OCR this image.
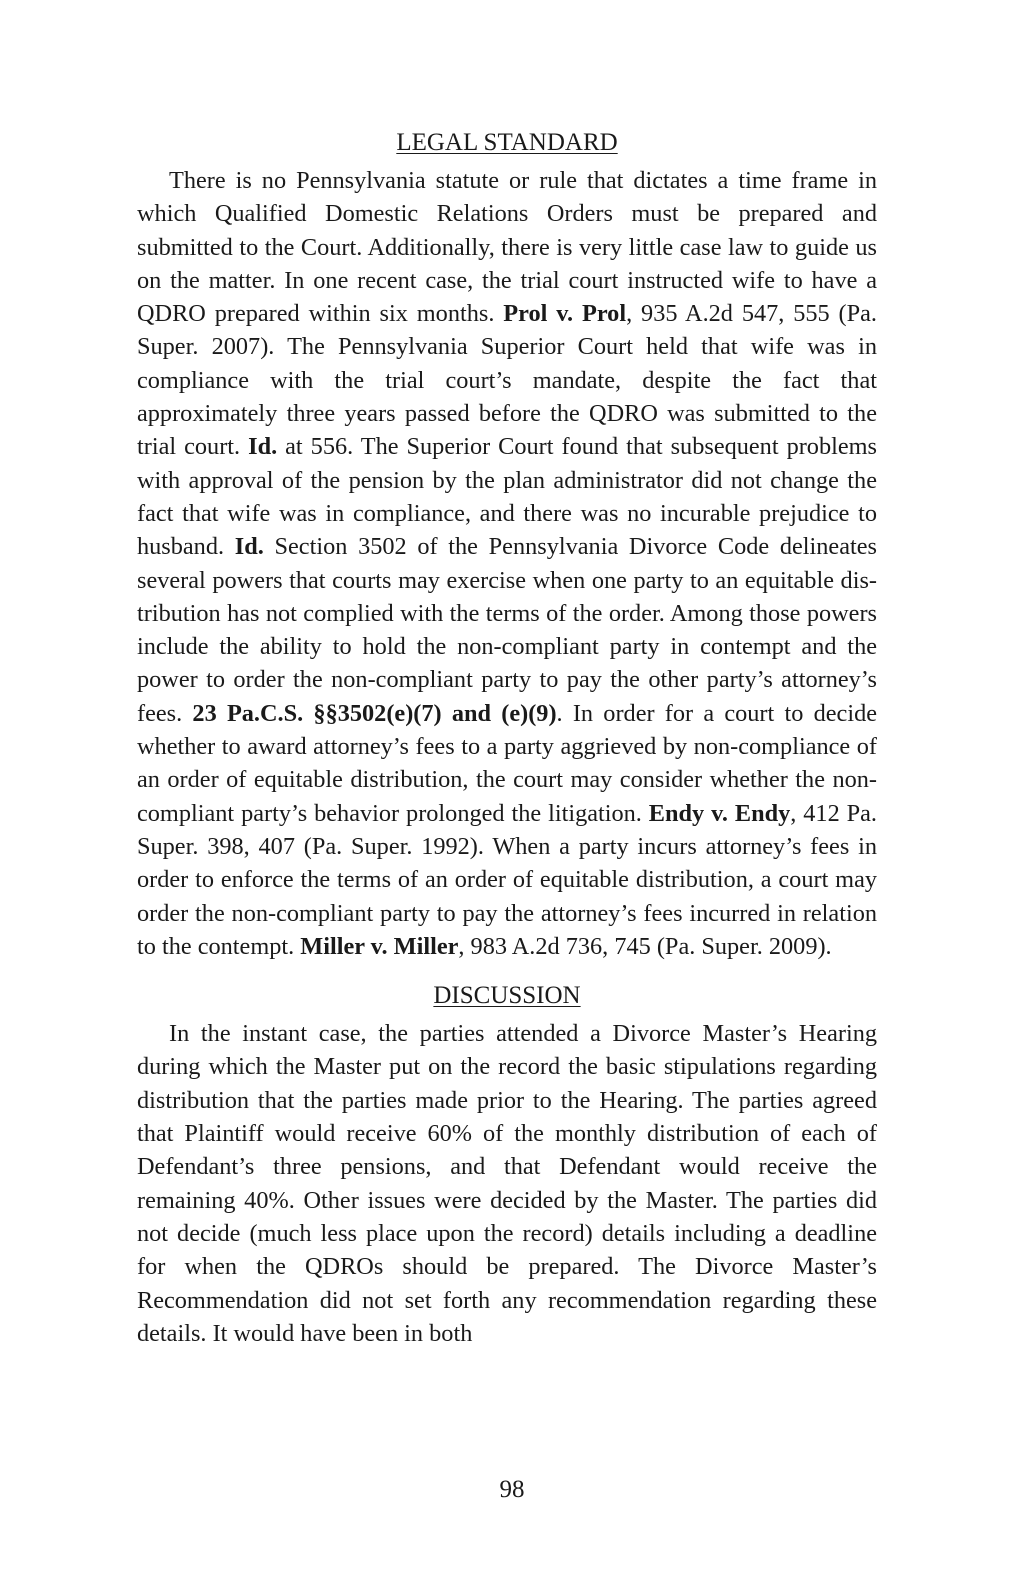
LEGAL STANDARD

There is no Pennsylvania statute or rule that dictates a time frame in which Qualified Domestic Relations Orders must be prepared and submitted to the Court. Additionally, there is very little case law to guide us on the matter. In one recent case, the trial court instructed wife to have a QDRO prepared within six months. Prol v. Prol, 935 A.2d 547, 555 (Pa. Super. 2007). The Pennsylvania Superior Court held that wife was in compliance with the trial court’s mandate, despite the fact that approximately three years passed before the QDRO was submitted to the trial court. Id. at 556. The Superior Court found that subsequent problems with approval of the pension by the plan administrator did not change the fact that wife was in compliance, and there was no incurable prejudice to husband. Id. Section 3502 of the Pennsylvania Divorce Code delineates several powers that courts may exercise when one party to an equitable distribution has not complied with the terms of the order. Among those powers include the ability to hold the non-compliant party in contempt and the power to order the non-compliant party to pay the other party’s attorney’s fees. 23 Pa.C.S. §§3502(e)(7) and (e)(9). In order for a court to decide whether to award attorney’s fees to a party aggrieved by non-compliance of an order of equitable distribution, the court may consider whether the non-compliant party’s behavior prolonged the litigation. Endy v. Endy, 412 Pa. Super. 398, 407 (Pa. Super. 1992). When a party incurs attorney’s fees in order to enforce the terms of an order of equitable distribution, a court may order the non-compliant party to pay the attorney’s fees incurred in relation to the contempt. Miller v. Miller, 983 A.2d 736, 745 (Pa. Super. 2009).

DISCUSSION

In the instant case, the parties attended a Divorce Master’s Hearing during which the Master put on the record the basic stipulations regarding distribution that the parties made prior to the Hearing. The parties agreed that Plaintiff would receive 60% of the monthly distribution of each of Defendant’s three pensions, and that Defendant would receive the remaining 40%. Other issues were decided by the Master. The parties did not decide (much less place upon the record) details including a deadline for when the QDROs should be prepared. The Divorce Master’s Recommendation did not set forth any recommendation regarding these details. It would have been in both

98
